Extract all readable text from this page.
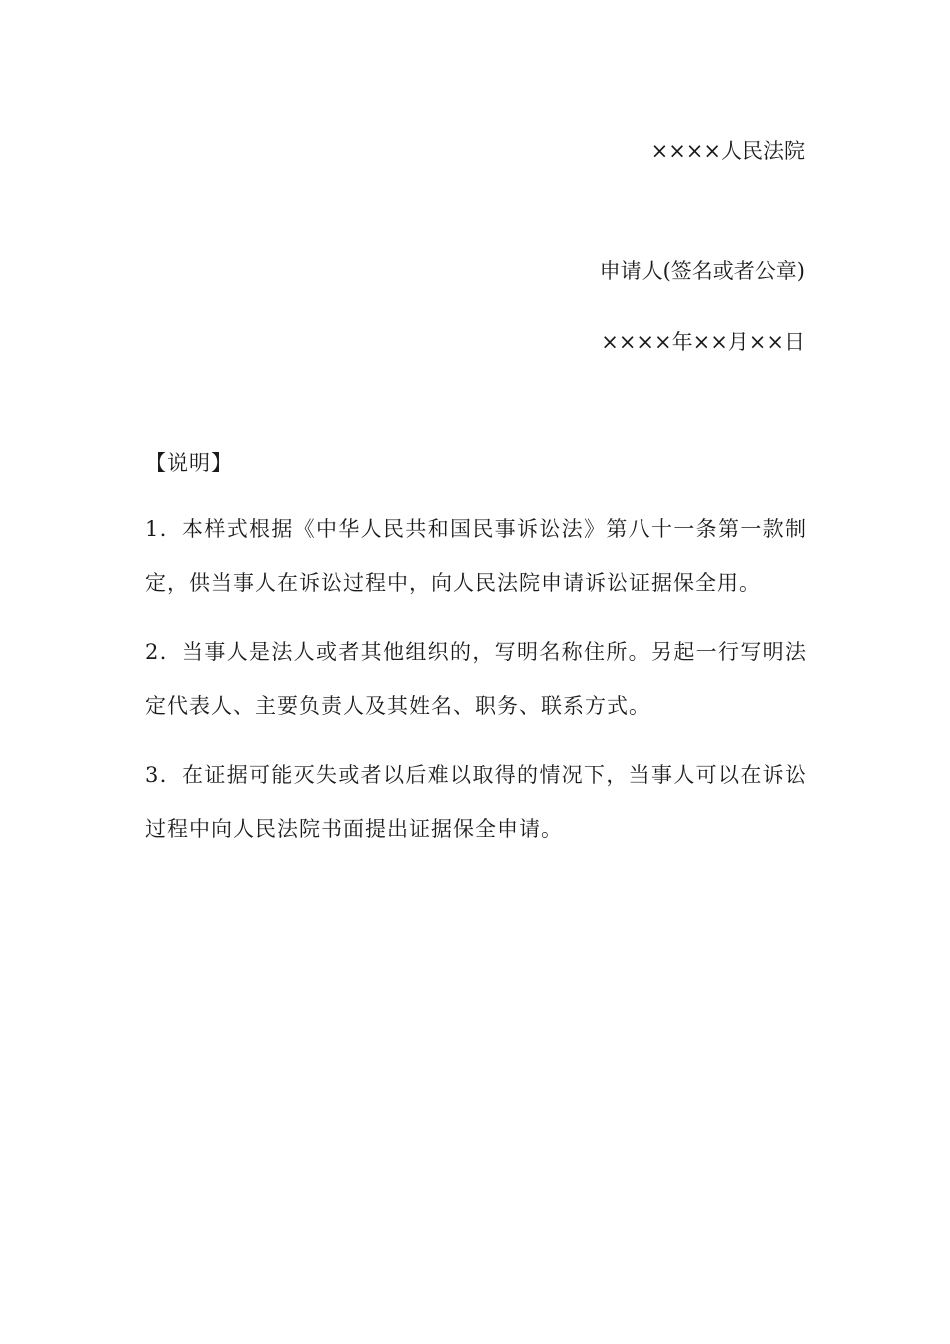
××××人民法院
申请人(签名或者公章)
××××年××月××日
【说明】

1．本样式根据《中华人民共和国民事诉讼法》第八十一条第一款制定，供当事人在诉讼过程中，向人民法院申请诉讼证据保全用。

2．当事人是法人或者其他组织的，写明名称住所。另起一行写明法定代表人、主要负责人及其姓名、职务、联系方式。

3．在证据可能灭失或者以后难以取得的情况下，当事人可以在诉讼过程中向人民法院书面提出证据保全申请。
